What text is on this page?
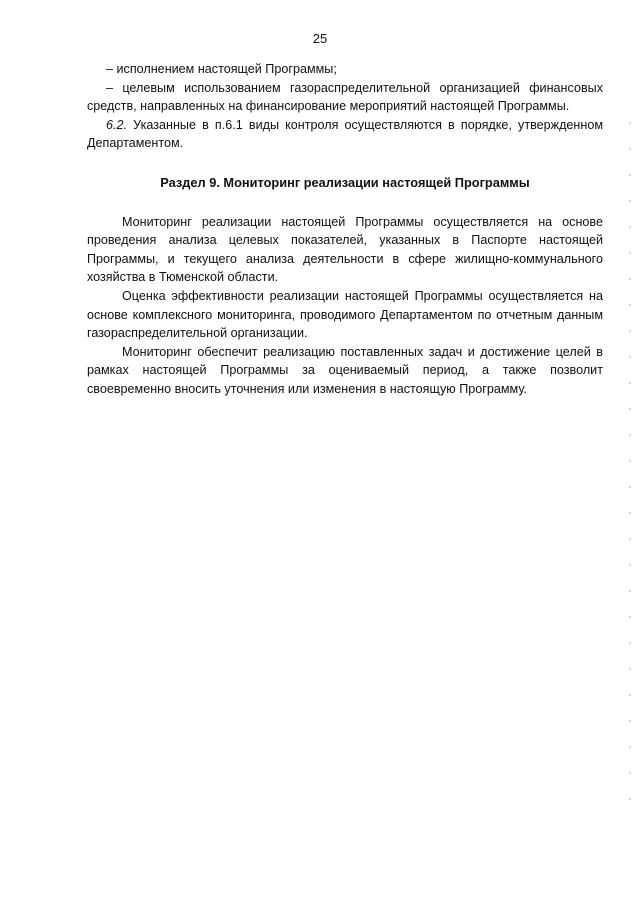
25

– исполнением настоящей Программы;

– целевым использованием газораспределительной организацией финансовых средств, направленных на финансирование мероприятий настоящей Программы.

6.2. Указанные в п.6.1 виды контроля осуществляются в порядке, утвержденном Департаментом.

Раздел 9. Мониторинг реализации настоящей Программы

Мониторинг реализации настоящей Программы осуществляется на основе проведения анализа целевых показателей, указанных в Паспорте настоящей Программы, и текущего анализа деятельности в сфере жилищно-коммунального хозяйства в Тюменской области.

Оценка эффективности реализации настоящей Программы осуществляется на основе комплексного мониторинга, проводимого Департаментом по отчетным данным газораспределительной организации.

Мониторинг обеспечит реализацию поставленных задач и достижение целей в рамках настоящей Программы за оцениваемый период, а также позволит своевременно вносить уточнения или изменения в настоящую Программу.
